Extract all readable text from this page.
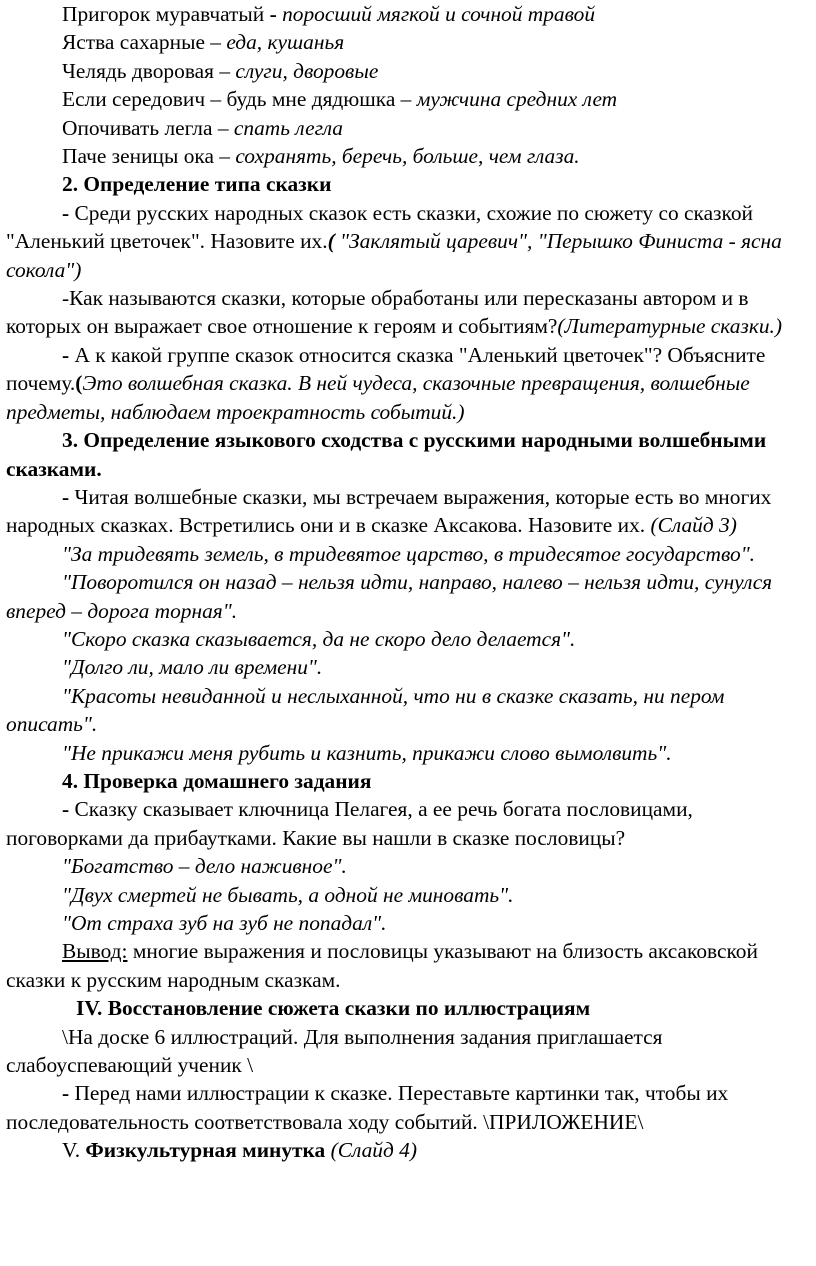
Пригорок муравчатый - поросший мягкой и сочной травой

Яства сахарные – еда, кушанья

Челядь дворовая – слуги, дворовые

Если середович – будь мне дядюшка – мужчина средних лет

Опочивать легла – спать легла

Паче зеницы ока – сохранять, беречь, больше, чем глаза.

2. Определение типа сказки

- Среди русских народных сказок есть сказки, схожие по сюжету со сказкой "Аленький цветочек". Назовите их.( "Заклятый царевич", "Перышко Финиста - ясна сокола")

-Как называются сказки, которые обработаны или пересказаны автором и в которых он выражает свое отношение к героям и событиям?(Литературные сказки.)

- А к какой группе сказок относится сказка "Аленький цветочек"? Объясните почему.(Это волшебная сказка. В ней чудеса, сказочные превращения, волшебные предметы, наблюдаем троекратность событий.)

3. Определение языкового сходства с русскими народными волшебными сказками.

- Читая волшебные сказки, мы встречаем выражения, которые есть во многих народных сказках. Встретились они и в сказке Аксакова. Назовите их. (Слайд 3)

"За тридевять земель, в тридевятое царство, в тридесятое государство".

"Поворотился он назад – нельзя идти, направо, налево – нельзя идти, сунулся вперед – дорога торная".

"Скоро сказка сказывается, да не скоро дело делается".

"Долго ли, мало ли времени".

"Красоты невиданной и неслыханной, что ни в сказке сказать, ни пером описать".

"Не прикажи меня рубить и казнить, прикажи слово вымолвить".

4. Проверка домашнего задания

- Сказку сказывает ключница Пелагея, а ее речь богата пословицами, поговорками да прибаутками. Какие вы нашли в сказке пословицы?

"Богатство – дело наживное".

"Двух смертей не бывать, а одной не миновать".

"От страха зуб на зуб не попадал".

Вывод: многие выражения и пословицы указывают на близость аксаковской сказки к русским народным сказкам.

IV. Восстановление сюжета сказки по иллюстрациям

\На доске 6 иллюстраций. Для выполнения задания приглашается слабоуспевающий ученик \

- Перед нами иллюстрации к сказке. Переставьте картинки так, чтобы их последовательность соответствовала ходу событий. \ПРИЛОЖЕНИЕ\

V. Физкультурная минутка (Слайд 4)
